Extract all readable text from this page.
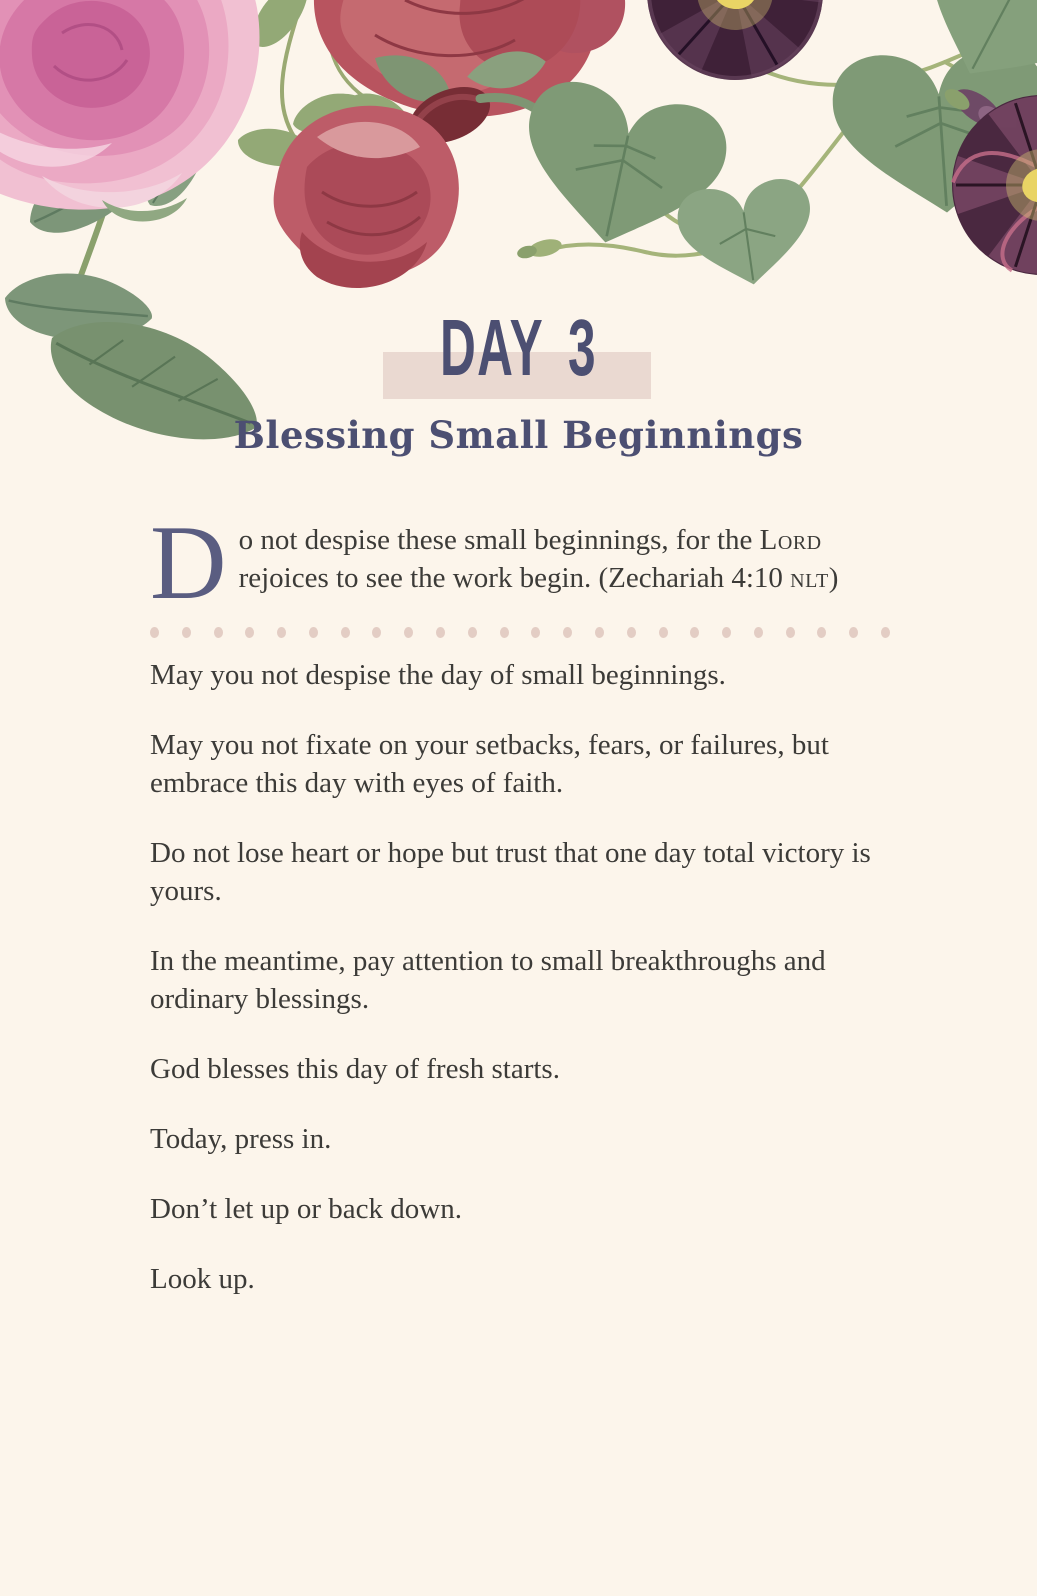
DAY 3
Blessing Small Beginnings
Do not despise these small beginnings, for the Lord
rejoices to see the work begin. (Zechariah 4:10 nlt)

May you not despise the day of small beginnings.

May you not fixate on your setbacks, fears, or failures, but embrace this day with eyes of faith.

Do not lose heart or hope but trust that one day total victory is yours.

In the meantime, pay attention to small breakthroughs and ordinary blessings.

God blesses this day of fresh starts.

Today, press in.

Don’t let up or back down.

Look up.
